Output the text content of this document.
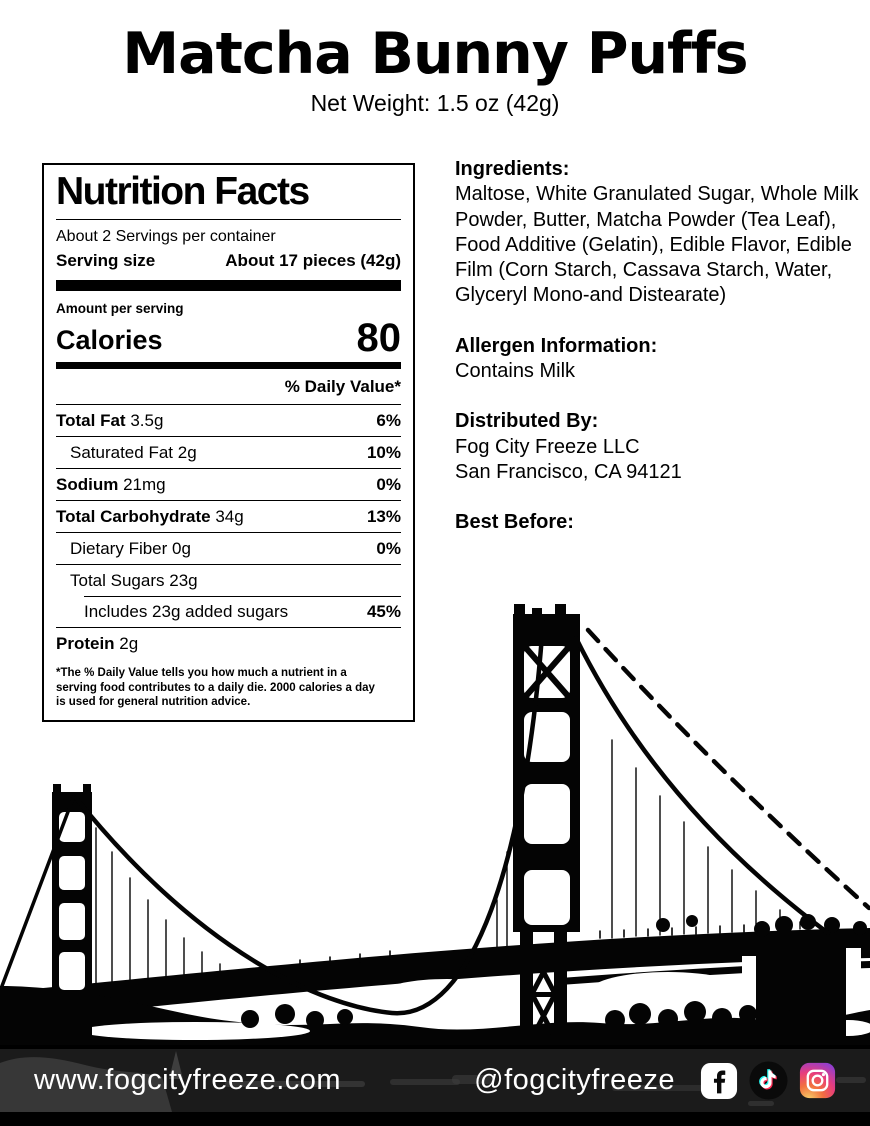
Matcha Bunny Puffs
Net Weight: 1.5 oz (42g)
Nutrition Facts
About 2 Servings per container
Serving size	About 17 pieces (42g)
Amount per serving
Calories	80
% Daily Value*
Total Fat 3.5g	6%
Saturated Fat 2g	10%
Sodium 21mg	0%
Total Carbohydrate 34g	13%
Dietary Fiber 0g	0%
Total Sugars 23g
Includes 23g added sugars	45%
Protein 2g
*The % Daily Value tells you how much a nutrient in a serving food contributes to a daily die. 2000 calories a day is used for general nutrition advice.
Ingredients:
Maltose, White Granulated Sugar, Whole Milk Powder, Butter, Matcha Powder (Tea Leaf), Food Additive (Gelatin), Edible Flavor, Edible Film (Corn Starch, Cassava Starch, Water, Glyceryl Mono-and Distearate)
Allergen Information:
Contains Milk
Distributed By:
Fog City Freeze LLC
San Francisco, CA 94121
Best Before:
www.fogcityfreeze.com	@fogcityfreeze
